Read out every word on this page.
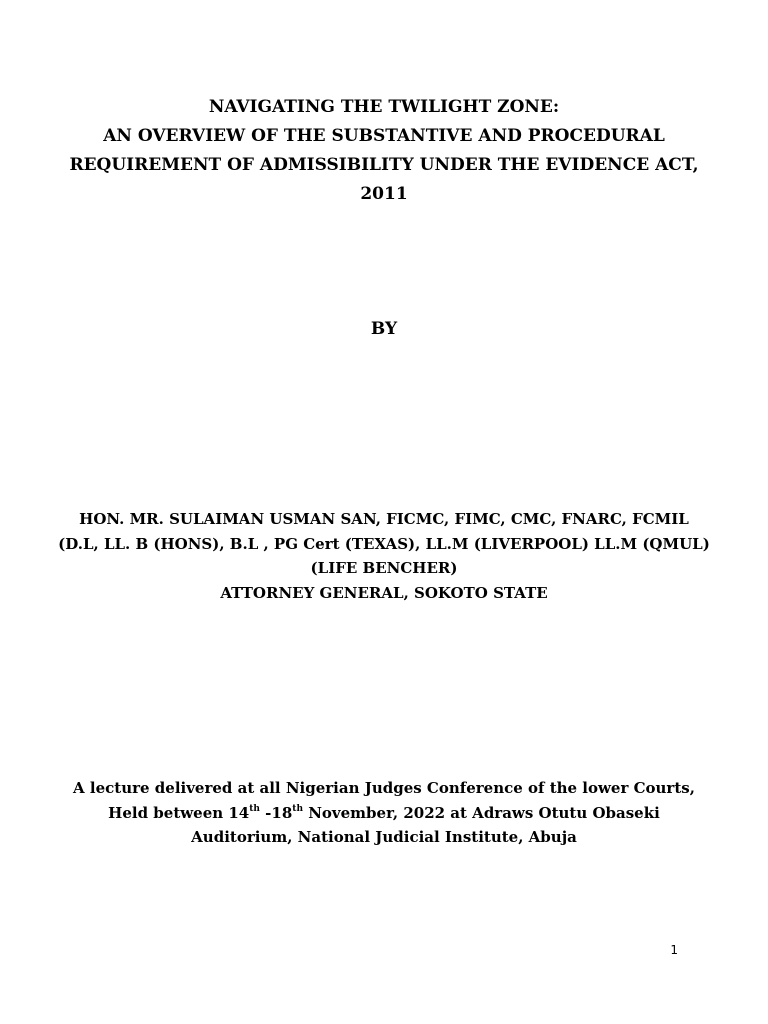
NAVIGATING THE TWILIGHT ZONE:
AN OVERVIEW OF THE SUBSTANTIVE AND PROCEDURAL
REQUIREMENT OF ADMISSIBILITY UNDER THE EVIDENCE ACT,
2011
BY
HON. MR. SULAIMAN USMAN SAN, FICMC, FIMC, CMC, FNARC, FCMIL
(D.L, LL. B (HONS), B.L , PG Cert (TEXAS), LL.M (LIVERPOOL) LL.M (QMUL)
(LIFE BENCHER)
ATTORNEY GENERAL, SOKOTO STATE
A lecture delivered at all Nigerian Judges Conference of the lower Courts,
Held between 14th -18th November, 2022 at Adraws Otutu Obaseki
Auditorium, National Judicial Institute, Abuja
1
